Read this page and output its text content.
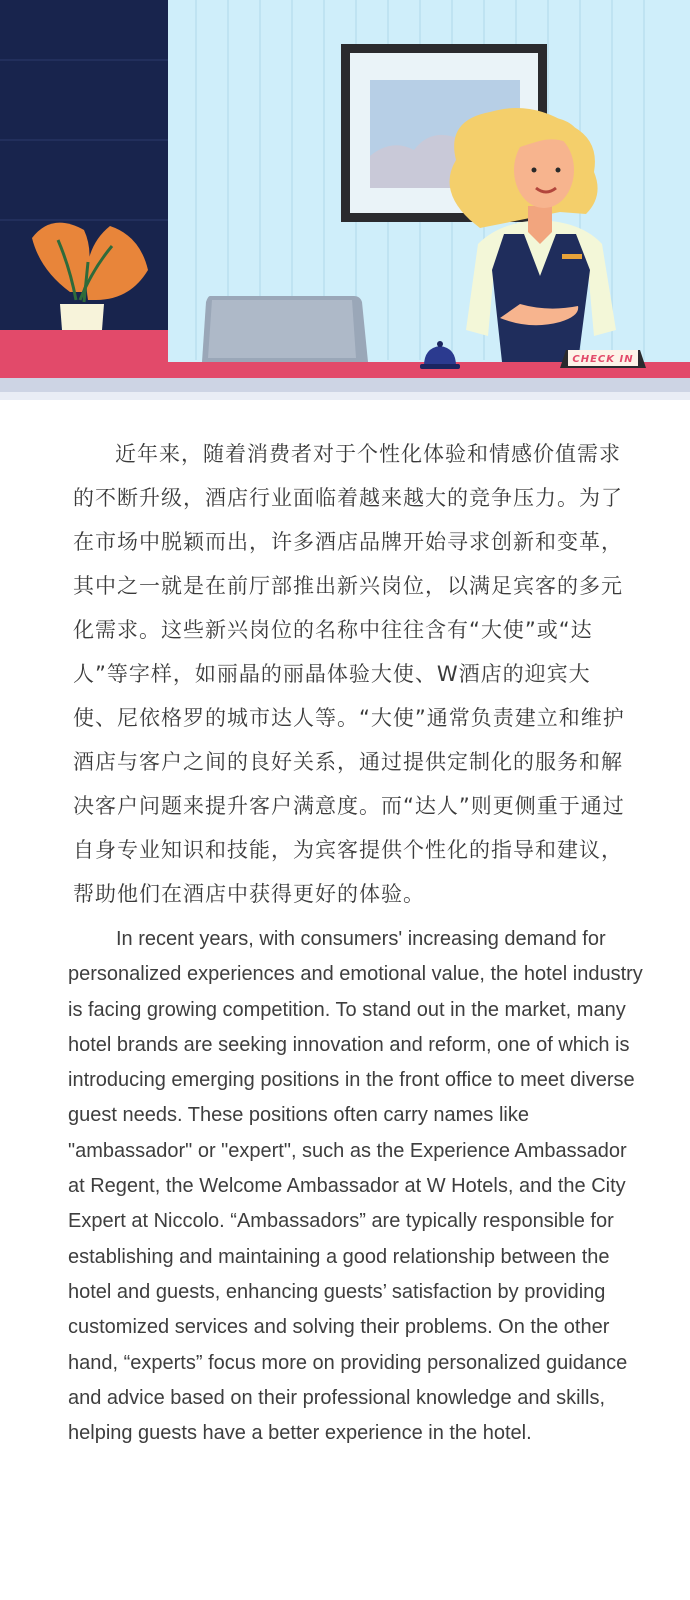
CHECK IN

近年来，随着消费者对于个性化体验和情感价值需求的不断升级，酒店行业面临着越来越大的竞争压力。为了在市场中脱颖而出，许多酒店品牌开始寻求创新和变革，其中之一就是在前厅部推出新兴岗位，以满足宾客的多元化需求。这些新兴岗位的名称中往往含有“大使”或“达人”等字样，如丽晶的丽晶体验大使、W酒店的迎宾大使、尼依格罗的城市达人等。“大使”通常负责建立和维护酒店与客户之间的良好关系，通过提供定制化的服务和解决客户问题来提升客户满意度。而“达人”则更侧重于通过自身专业知识和技能，为宾客提供个性化的指导和建议，帮助他们在酒店中获得更好的体验。

In recent years, with consumers' increasing demand for personalized experiences and emotional value, the hotel industry is facing growing competition. To stand out in the market, many hotel brands are seeking innovation and reform, one of which is introducing emerging positions in the front office to meet diverse guest needs. These positions often carry names like "ambassador" or "expert", such as the Experience Ambassador at Regent, the Welcome Ambassador at W Hotels, and the City Expert at Niccolo. “Ambassadors” are typically responsible for establishing and maintaining a good relationship between the hotel and guests, enhancing guests’ satisfaction by providing customized services and solving their problems. On the other hand, “experts” focus more on providing personalized guidance and advice based on their professional knowledge and skills, helping guests have a better experience in the hotel.
